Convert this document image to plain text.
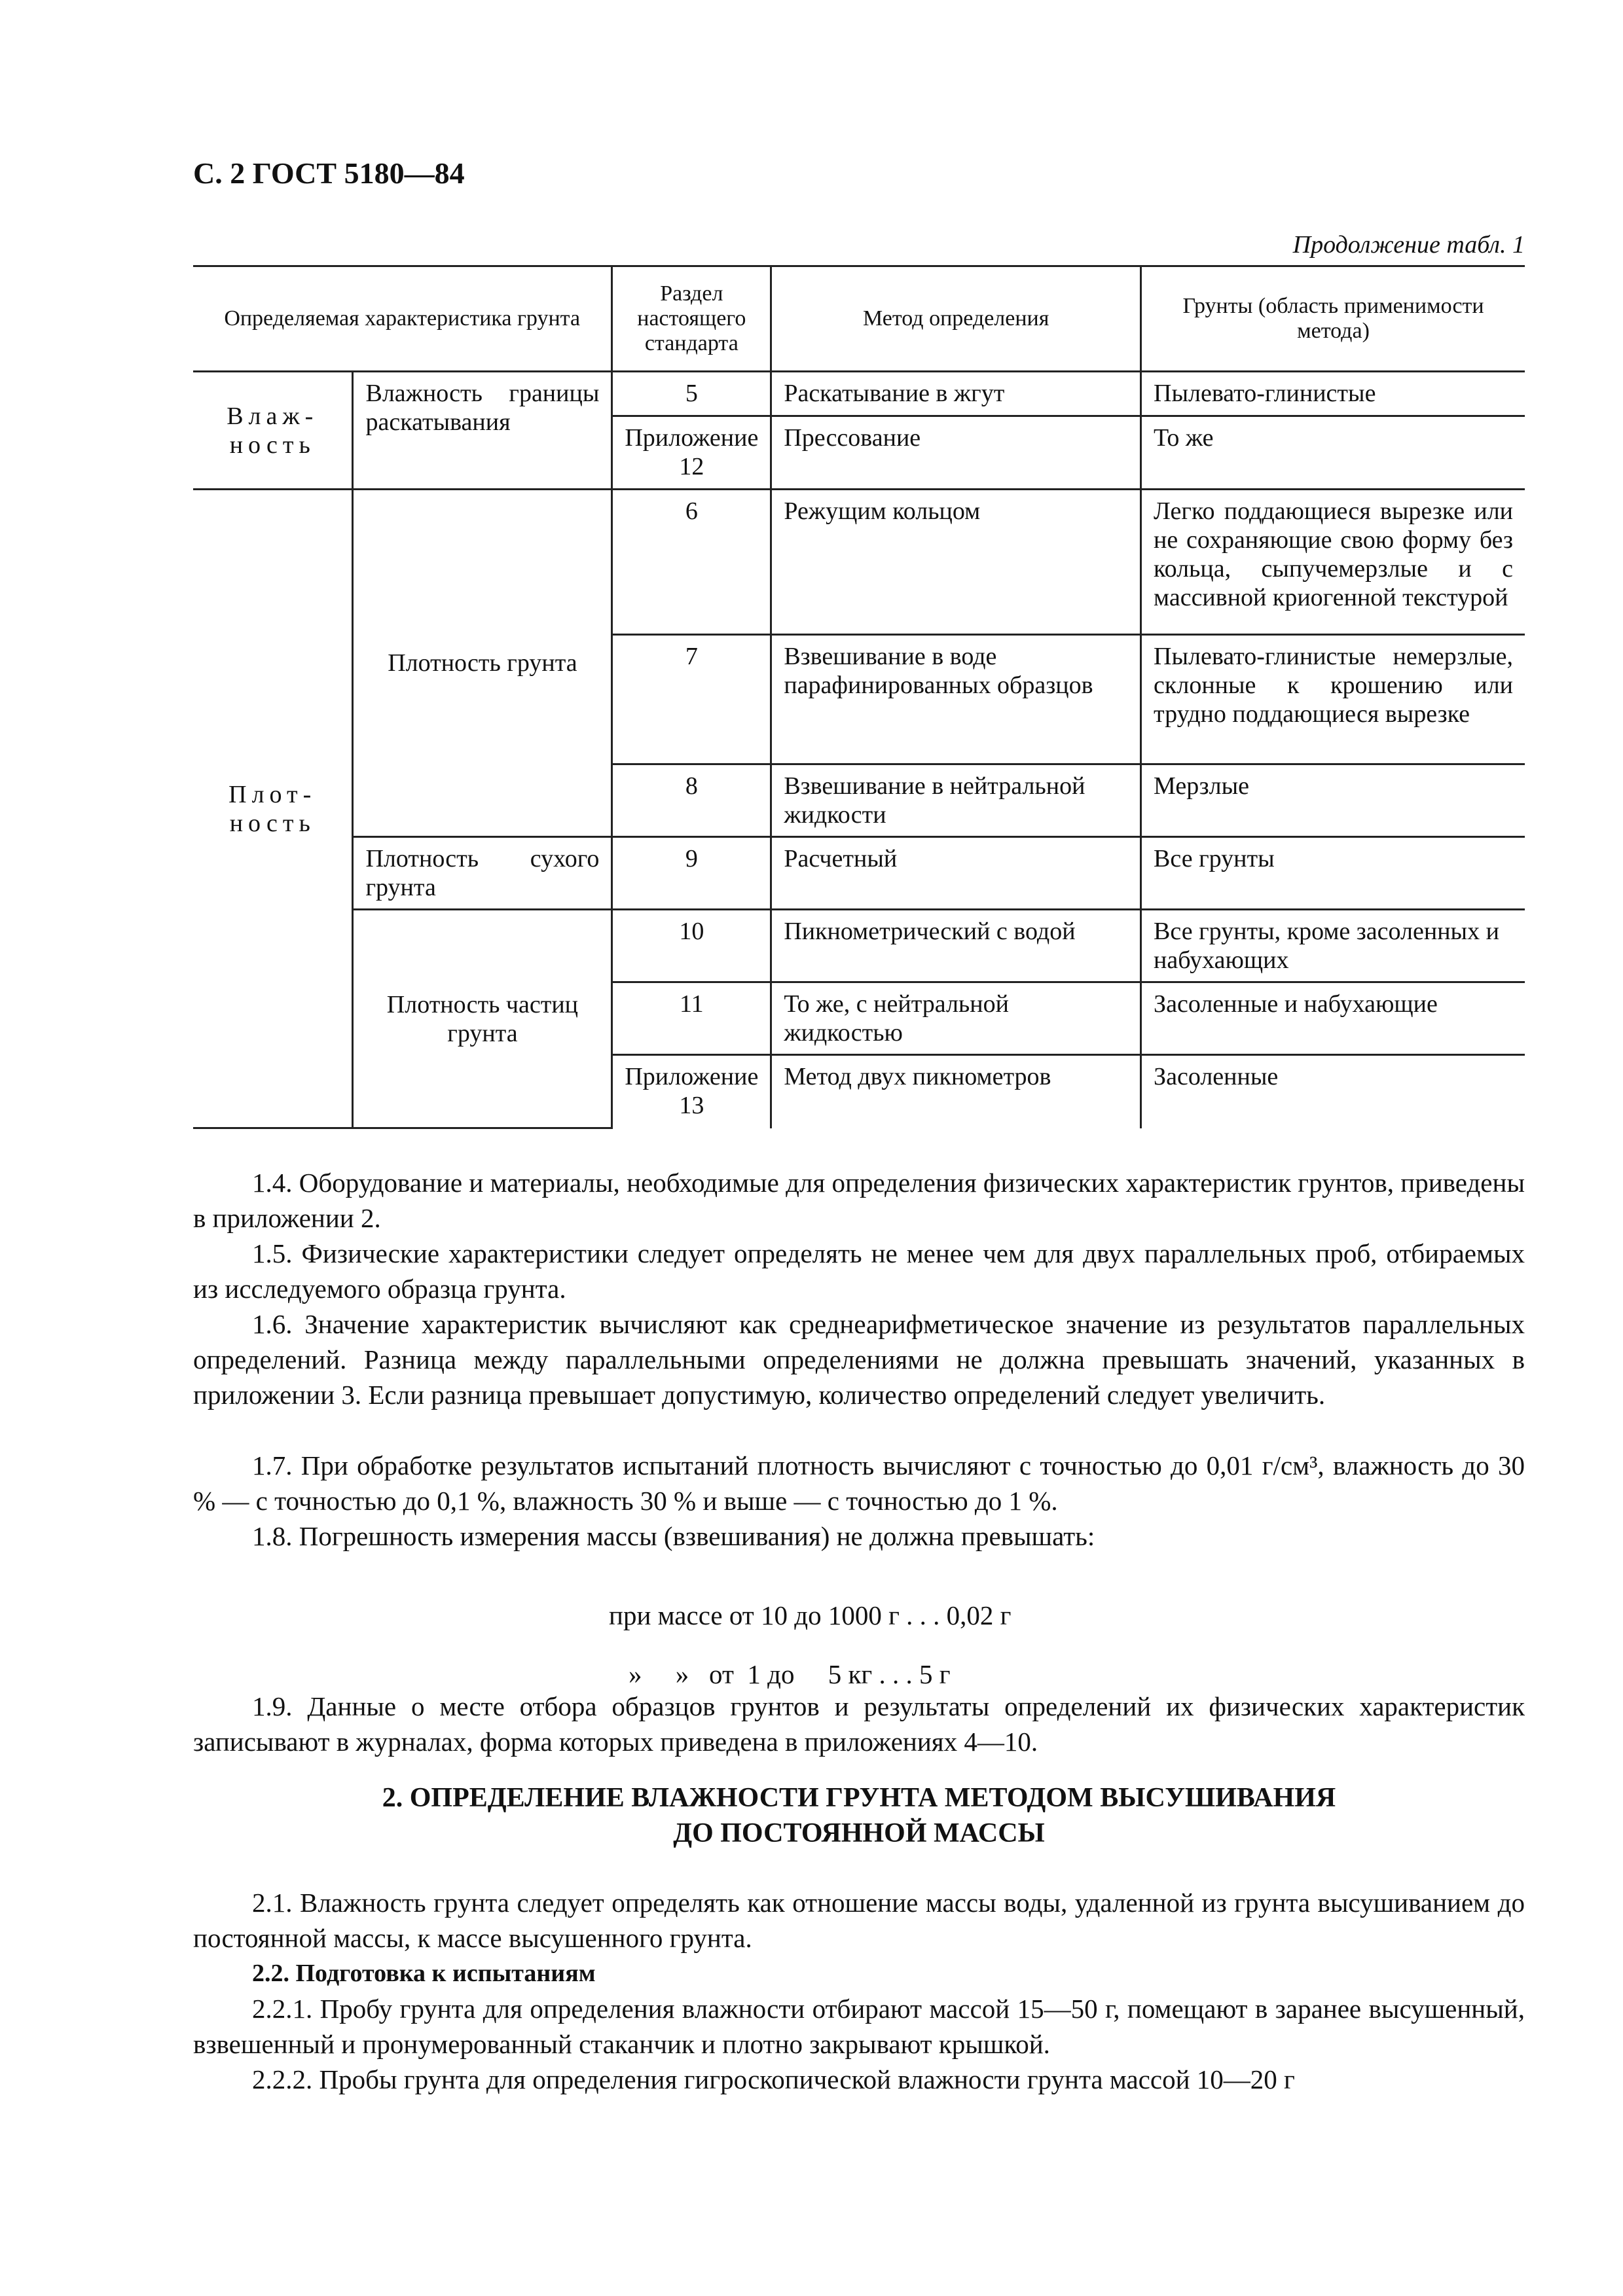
С. 2 ГОСТ 5180—84
Продолжение табл. 1
Определяемая характеристика грунта		Раздел настоящего стандарта	Метод определения	Грунты (область применимости метода)
Влаж-
ность	Влажность границы раскатывания	5	Раскатывание в жгут	Пылевато-глинистые
		Приложение 12	Прессование	То же
Плот-
ность	Плотность грунта	6	Режущим кольцом	Легко поддающиеся вырезке или не сохраняющие свою форму без кольца, сыпучемерзлые и с массивной криогенной текстурой
		7	Взвешивание в воде парафинированных образцов	Пылевато-глинистые немерзлые, склонные к крошению или трудно поддающиеся вырезке
		8	Взвешивание в нейтральной жидкости	Мерзлые
	Плотность сухого грунта	9	Расчетный	Все грунты
	Плотность частиц грунта	10	Пикнометрический с водой	Все грунты, кроме засоленных и набухающих
		11	То же, с нейтральной жидкостью	Засоленные и набухающие
		Приложение 13	Метод двух пикнометров	Засоленные

1.4. Оборудование и материалы, необходимые для определения физических характеристик грунтов, приведены в приложении 2.

1.5. Физические характеристики следует определять не менее чем для двух параллельных проб, отбираемых из исследуемого образца грунта.

1.6. Значение характеристик вычисляют как среднеарифметическое значение из результатов параллельных определений. Разница между параллельными определениями не должна превышать значений, указанных в приложении 3. Если разница превышает допустимую, количество определений следует увеличить.

1.7. При обработке результатов испытаний плотность вычисляют с точностью до 0,01 г/см³, влажность до 30 % — с точностью до 0,1 %, влажность 30 % и выше — с точностью до 1 %.

1.8. Погрешность измерения массы (взвешивания) не должна превышать:

при массе от 10 до 1000 г . . . 0,02 г
»     »   от  1 до     5 кг . . . 5 г

1.9. Данные о месте отбора образцов грунтов и результаты определений их физических характеристик записывают в журналах, форма которых приведена в приложениях 4—10.

2. ОПРЕДЕЛЕНИЕ ВЛАЖНОСТИ ГРУНТА МЕТОДОМ ВЫСУШИВАНИЯ
ДО ПОСТОЯННОЙ МАССЫ

2.1. Влажность грунта следует определять как отношение массы воды, удаленной из грунта высушиванием до постоянной массы, к массе высушенного грунта.

2.2. Подготовка к испытаниям

2.2.1. Пробу грунта для определения влажности отбирают массой 15—50 г, помещают в заранее высушенный, взвешенный и пронумерованный стаканчик и плотно закрывают крышкой.

2.2.2. Пробы грунта для определения гигроскопической влажности грунта массой 10—20 г
